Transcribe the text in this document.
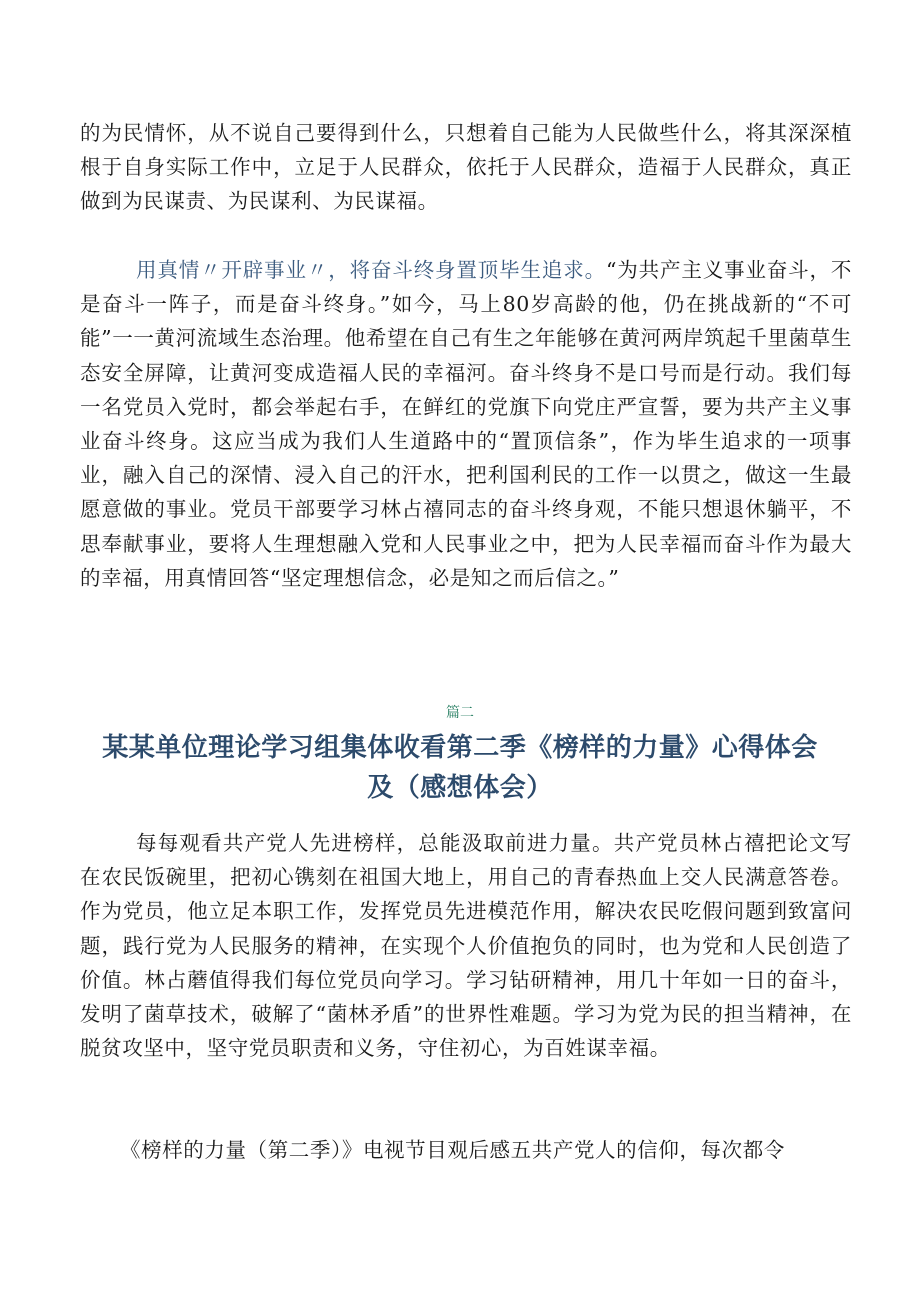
的为民情怀，从不说自己要得到什么，只想着自己能为人民做些什么，将其深深植根于自身实际工作中，立足于人民群众，依托于人民群众，造福于人民群众，真正做到为民谋责、为民谋利、为民谋福。

用真情〃开辟事业〃，将奋斗终身置顶毕生追求。“为共产主义事业奋斗，不是奋斗一阵子，而是奋斗终身。”如今，马上80岁高龄的他，仍在挑战新的“不可能”一一黄河流域生态治理。他希望在自己有生之年能够在黄河两岸筑起千里菌草生态安全屏障，让黄河变成造福人民的幸福河。奋斗终身不是口号而是行动。我们每一名党员入党时，都会举起右手，在鲜红的党旗下向党庄严宣誓，要为共产主义事业奋斗终身。这应当成为我们人生道路中的“置顶信条”，作为毕生追求的一项事业，融入自己的深情、浸入自己的汗水，把利国利民的工作一以贯之，做这一生最愿意做的事业。党员干部要学习林占禧同志的奋斗终身观，不能只想退休躺平，不思奉献事业，要将人生理想融入党和人民事业之中，把为人民幸福而奋斗作为最大的幸福，用真情回答“坚定理想信念，必是知之而后信之。”

篇二
某某单位理论学习组集体收看第二季《榜样的力量》心得体会及（感想体会）

每每观看共产党人先进榜样，总能汲取前进力量。共产党员林占禧把论文写在农民饭碗里，把初心镌刻在祖国大地上，用自己的青春热血上交人民满意答卷。作为党员，他立足本职工作，发挥党员先进模范作用，解决农民吃假问题到致富问题，践行党为人民服务的精神，在实现个人价值抱负的同时，也为党和人民创造了价值。林占蘑值得我们每位党员向学习。学习钻研精神，用几十年如一日的奋斗，发明了菌草技术，破解了“菌林矛盾”的世界性难题。学习为党为民的担当精神，在脱贫攻坚中，坚守党员职责和义务，守住初心，为百姓谋幸福。

《榜样的力量（第二季）》电视节目观后感五共产党人的信仰，每次都令
